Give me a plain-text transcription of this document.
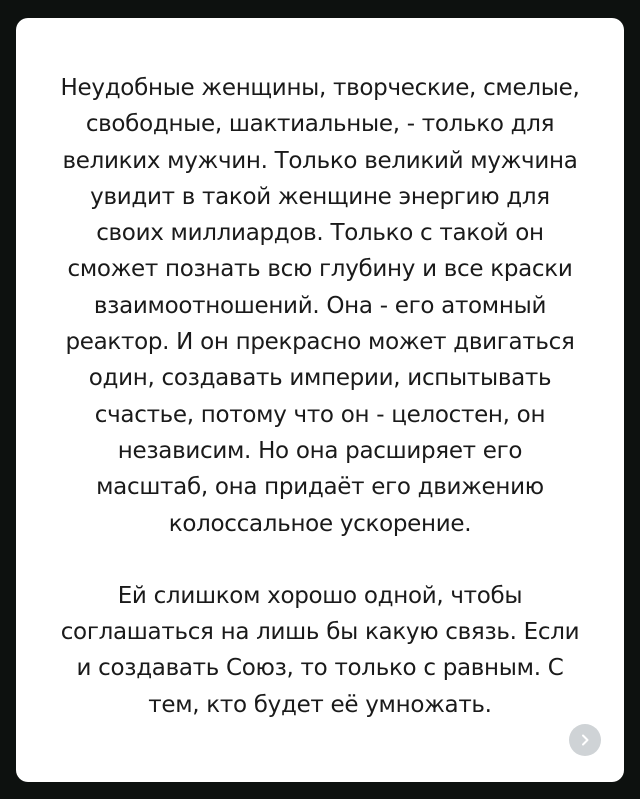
Неудобные женщины, творческие, смелые,
свободные, шактиальные, - только для
великих мужчин. Только великий мужчина
увидит в такой женщине энергию для
своих миллиардов. Только с такой он
сможет познать всю глубину и все краски
взаимоотношений. Она - его атомный
реактор. И он прекрасно может двигаться
один, создавать империи, испытывать
счастье, потому что он - целостен, он
независим. Но она расширяет его
масштаб, она придаёт его движению
колоссальное ускорение.

Ей слишком хорошо одной, чтобы
соглашаться на лишь бы какую связь. Если
и создавать Союз, то только с равным. С
тем, кто будет её умножать.
